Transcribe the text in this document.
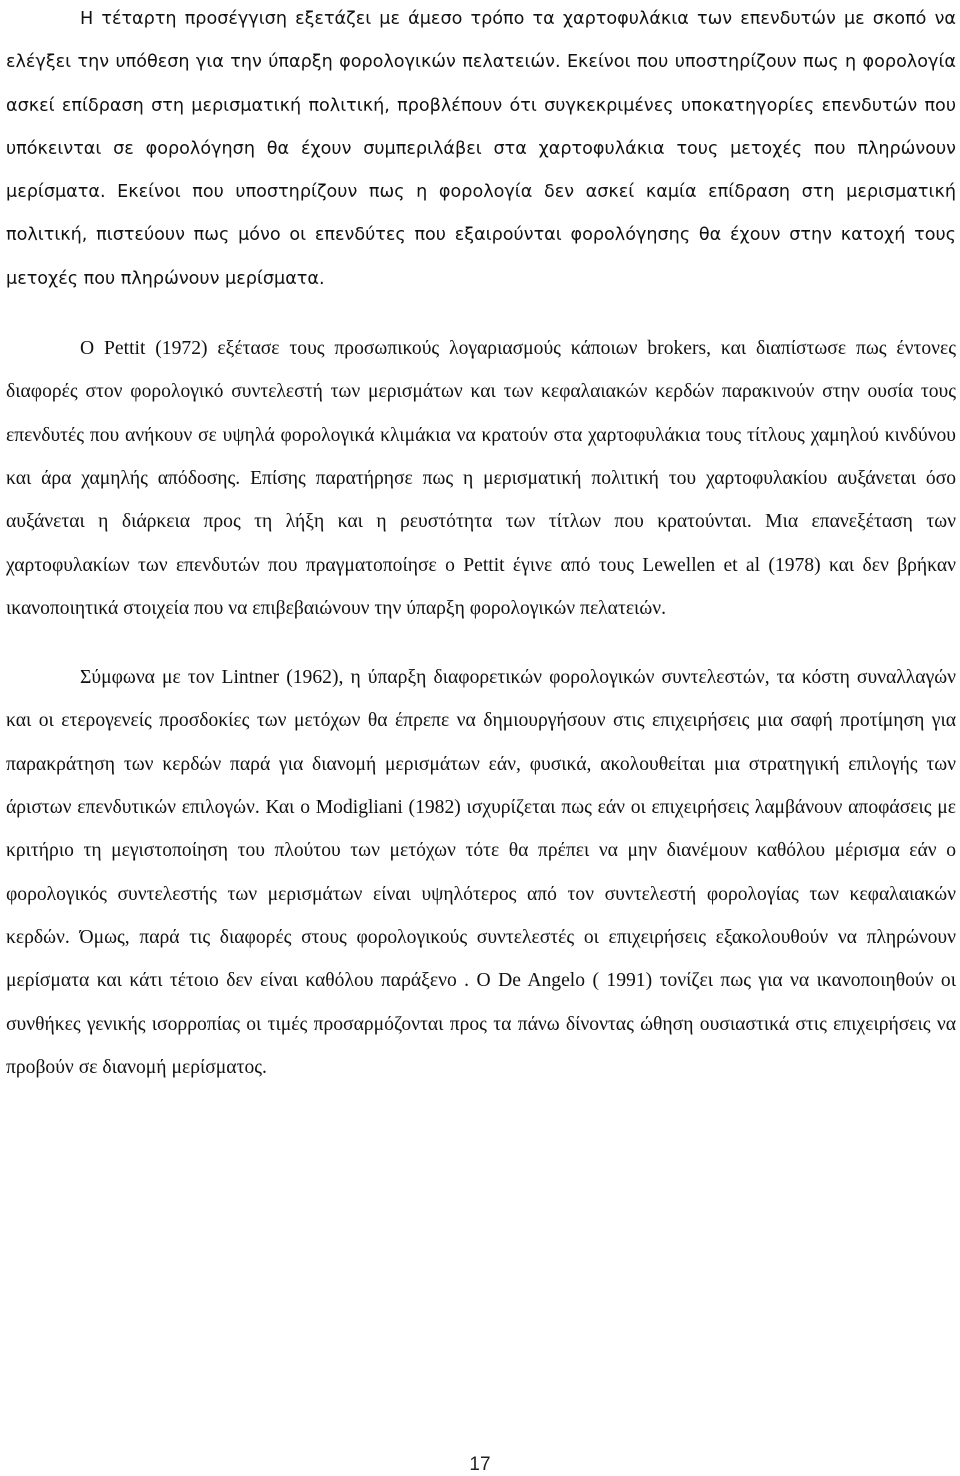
Η τέταρτη προσέγγιση εξετάζει με άμεσο τρόπο τα χαρτοφυλάκια των επενδυτών με σκοπό να ελέγξει την υπόθεση για την ύπαρξη φορολογικών πελατειών. Εκείνοι που υποστηρίζουν πως η φορολογία ασκεί επίδραση στη μερισματική πολιτική, προβλέπουν ότι συγκεκριμένες υποκατηγορίες επενδυτών που υπόκεινται σε φορολόγηση θα έχουν συμπεριλάβει στα χαρτοφυλάκια τους μετοχές που πληρώνουν μερίσματα. Εκείνοι που υποστηρίζουν πως η φορολογία δεν ασκεί καμία επίδραση στη μερισματική πολιτική, πιστεύουν πως μόνο οι επενδύτες που εξαιρούνται φορολόγησης θα έχουν στην κατοχή τους μετοχές που πληρώνουν μερίσματα.

Ο Pettit (1972) εξέτασε τους προσωπικούς λογαριασμούς κάποιων brokers, και διαπίστωσε πως έντονες διαφορές στον φορολογικό συντελεστή των μερισμάτων και των κεφαλαιακών κερδών παρακινούν στην ουσία τους επενδυτές που ανήκουν σε υψηλά φορολογικά κλιμάκια να κρατούν στα χαρτοφυλάκια τους τίτλους χαμηλού κινδύνου και άρα χαμηλής απόδοσης. Επίσης παρατήρησε πως η μερισματική πολιτική του χαρτοφυλακίου αυξάνεται όσο αυξάνεται η διάρκεια προς τη λήξη και η ρευστότητα των τίτλων που κρατούνται. Μια επανεξέταση των χαρτοφυλακίων των επενδυτών που πραγματοποίησε ο Pettit έγινε από τους Lewellen et al (1978) και δεν βρήκαν ικανοποιητικά στοιχεία που να επιβεβαιώνουν την ύπαρξη φορολογικών πελατειών.

Σύμφωνα με τον Lintner (1962), η ύπαρξη διαφορετικών φορολογικών συντελεστών, τα κόστη συναλλαγών και οι ετερογενείς προσδοκίες των μετόχων θα έπρεπε να δημιουργήσουν στις επιχειρήσεις μια σαφή προτίμηση για παρακράτηση των κερδών παρά για διανομή μερισμάτων εάν, φυσικά, ακολουθείται μια στρατηγική επιλογής των άριστων επενδυτικών επιλογών. Και ο Modigliani (1982) ισχυρίζεται πως εάν οι επιχειρήσεις λαμβάνουν αποφάσεις με κριτήριο τη μεγιστοποίηση του πλούτου των μετόχων τότε θα πρέπει να μην διανέμουν καθόλου μέρισμα εάν ο φορολογικός συντελεστής των μερισμάτων είναι υψηλότερος από τον συντελεστή φορολογίας των κεφαλαιακών κερδών. Όμως, παρά τις διαφορές στους φορολογικούς συντελεστές οι επιχειρήσεις εξακολουθούν να πληρώνουν μερίσματα και κάτι τέτοιο δεν είναι καθόλου παράξενο . Ο De Angelo ( 1991) τονίζει πως για να ικανοποιηθούν οι συνθήκες γενικής ισορροπίας οι τιμές προσαρμόζονται προς τα πάνω δίνοντας ώθηση ουσιαστικά στις επιχειρήσεις να προβούν σε διανομή μερίσματος.

17
